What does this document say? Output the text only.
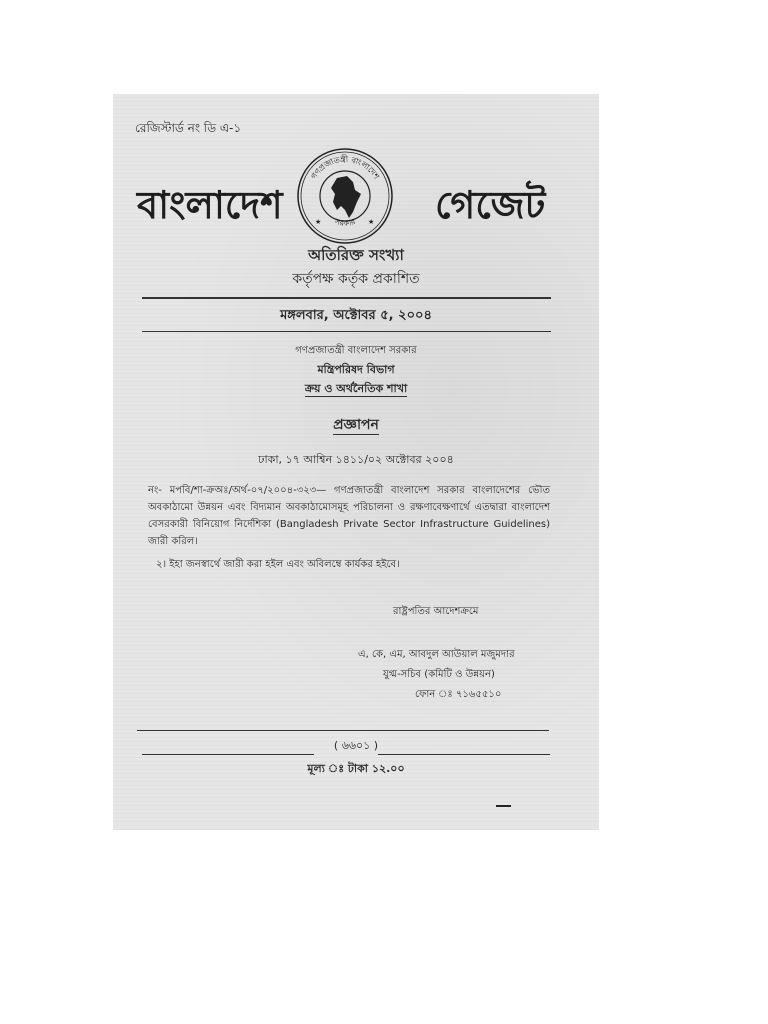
রেজিস্টার্ড নং ডি এ-১
বাংলাদেশ
গণপ্রজাতন্ত্রী বাংলাদেশ
সরকার
★	★ গেজেট
অতিরিক্ত সংখ্যা
কর্তৃপক্ষ কর্তৃক প্রকাশিত
মঙ্গলবার, অক্টোবর ৫, ২০০৪
গণপ্রজাতন্ত্রী বাংলাদেশ সরকার
মন্ত্রিপরিষদ বিভাগ
ক্রয় ও অর্থনৈতিক শাখা
প্রজ্ঞাপন
ঢাকা, ১৭ আশ্বিন ১৪১১/০২ অক্টোবর ২০০৪
নং- মপবি/শা-ক্রঅঃ/অর্থ-০৭/২০০৪-৩২৩— গণপ্রজাতন্ত্রী বাংলাদেশ সরকার বাংলাদেশের ভৌত অবকাঠামো উন্নয়ন এবং বিদ্যমান অবকাঠামোসমূহ পরিচালনা ও রক্ষণাবেক্ষণার্থে এতদ্বারা বাংলাদেশ বেসরকারী বিনিয়োগ নির্দেশিকা (Bangladesh Private Sector Infrastructure Guidelines) জারী করিল।
২। ইহা জনস্বার্থে জারী করা হইল এবং অবিলম্বে কার্যকর হইবে।
রাষ্ট্রপতির আদেশক্রমে
এ, কে, এম, আবদুল আউয়াল মজুমদার
যুগ্ম-সচিব (কমিটি ও উন্নয়ন)
ফোন ঃ ৭১৬৫৫১০
( ৬৬০১ )
মূল্য ঃ টাকা ১২.০০
